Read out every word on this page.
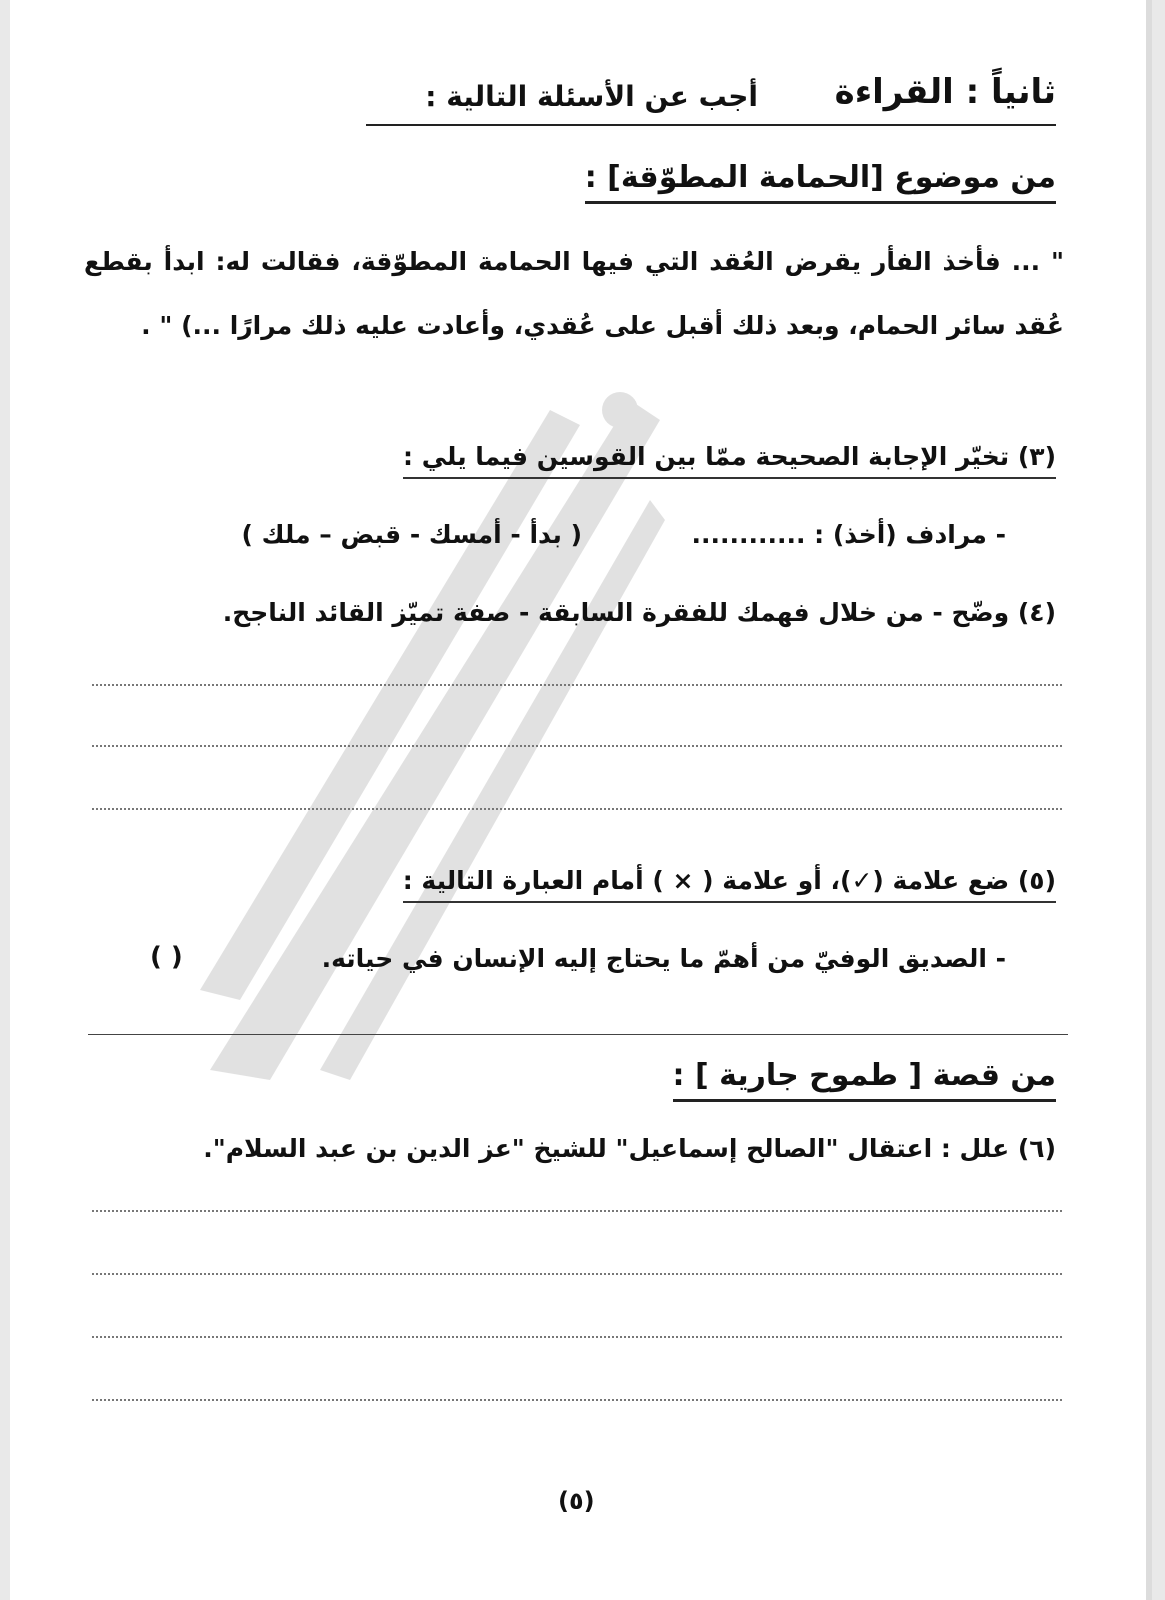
ثانياً : القراءة
أجب عن الأسئلة التالية :
من موضوع [الحمامة المطوّقة] :
" ... فأخذ الفأر يقرض العُقد التي فيها الحمامة المطوّقة، فقالت له: ابدأ بقطع عُقد سائر الحمام، وبعد ذلك أقبل على عُقدي، وأعادت عليه ذلك مرارًا ...) " .
(٣) تخيّر الإجابة الصحيحة ممّا بين القوسين فيما يلي :
- مرادف (أخذ) : ............
( بدأ - أمسك - قبض – ملك )
(٤) وضّح - من خلال فهمك للفقرة السابقة - صفة تميّز القائد الناجح.
(٥) ضع علامة (✓)، أو علامة ( × ) أمام العبارة التالية :
- الصديق الوفيّ من أهمّ ما يحتاج إليه الإنسان في حياته.
( )
من قصة [ طموح جارية ] :
(٦) علل : اعتقال "الصالح إسماعيل" للشيخ "عز الدين بن عبد السلام".
(٥)
